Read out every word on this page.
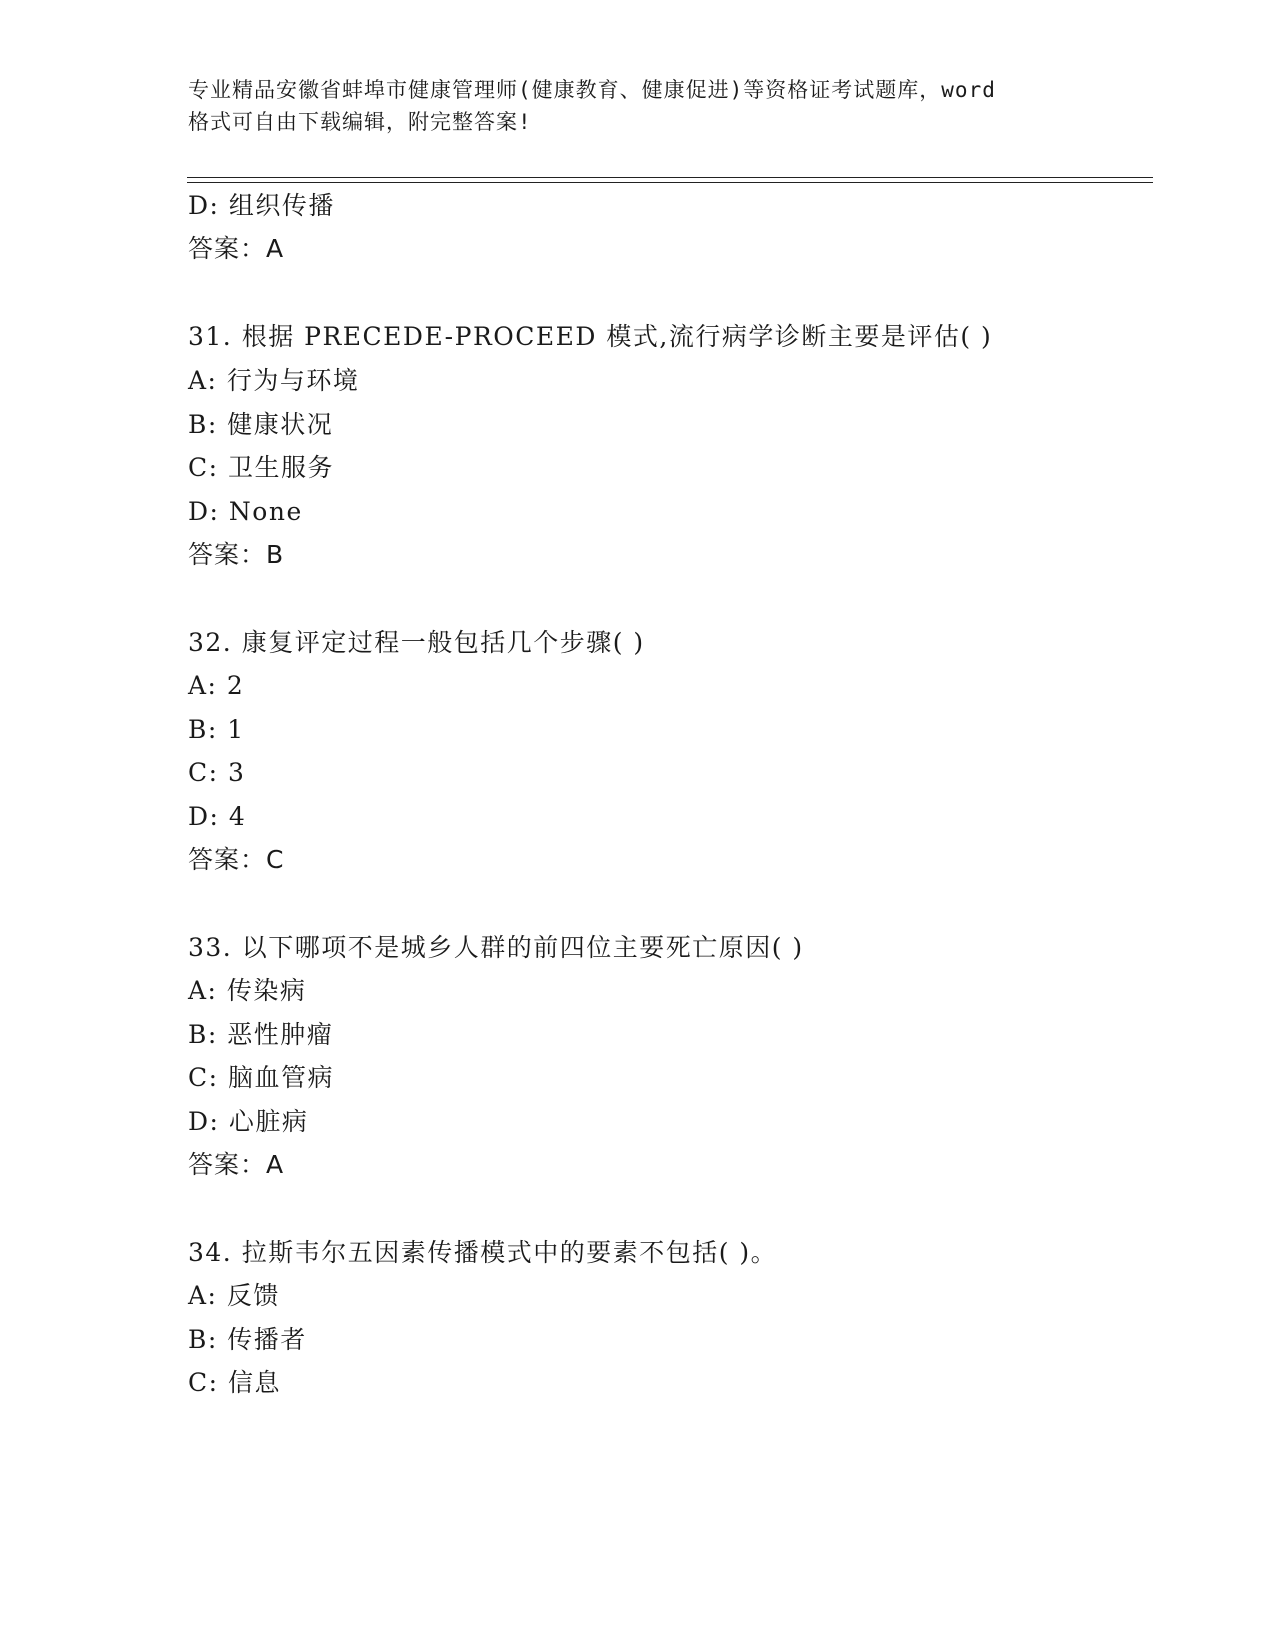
专业精品安徽省蚌埠市健康管理师(健康教育、健康促进)等资格证考试题库，word
格式可自由下载编辑，附完整答案!
D: 组织传播
答案：A
31. 根据 PRECEDE-PROCEED 模式,流行病学诊断主要是评估( )
A: 行为与环境
B: 健康状况
C: 卫生服务
D: None
答案：B
32. 康复评定过程一般包括几个步骤( )
A: 2
B: 1
C: 3
D: 4
答案：C
33. 以下哪项不是城乡人群的前四位主要死亡原因( )
A: 传染病
B: 恶性肿瘤
C: 脑血管病
D: 心脏病
答案：A
34. 拉斯韦尔五因素传播模式中的要素不包括( )。
A: 反馈
B: 传播者
C: 信息
